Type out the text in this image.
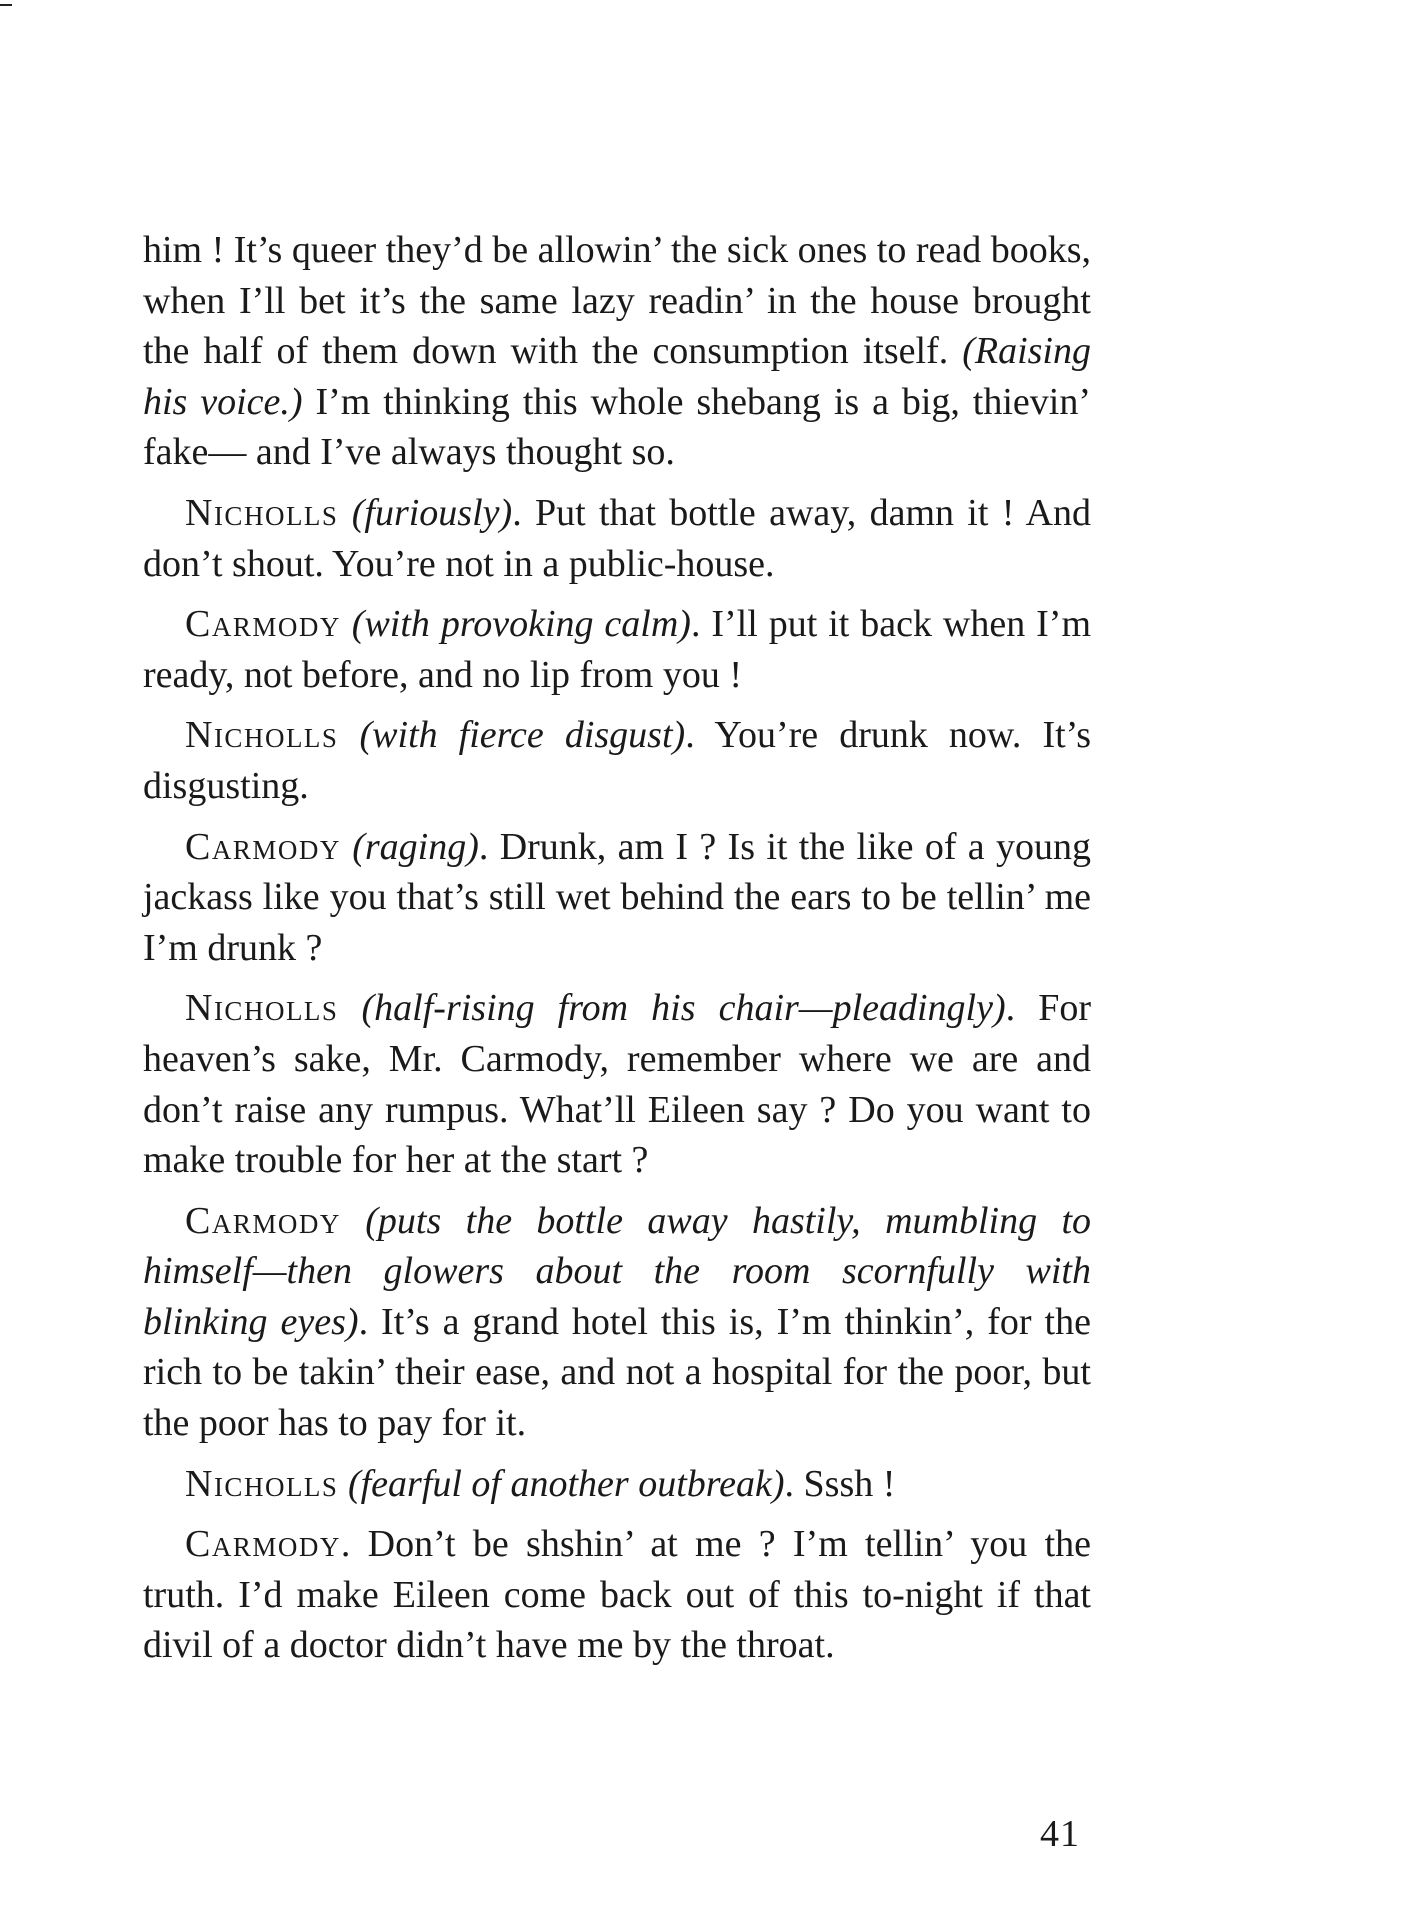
him ! It’s queer they’d be allowin’ the sick ones to read books, when I’ll bet it’s the same lazy readin’ in the house brought the half of them down with the consumption itself. (Raising his voice.) I’m thinking this whole shebang is a big, thievin’ fake— and I’ve always thought so.

Nicholls (furiously). Put that bottle away, damn it ! And don’t shout. You’re not in a public-house.

Carmody (with provoking calm). I’ll put it back when I’m ready, not before, and no lip from you !

Nicholls (with fierce disgust). You’re drunk now. It’s disgusting.

Carmody (raging). Drunk, am I ? Is it the like of a young jackass like you that’s still wet behind the ears to be tellin’ me I’m drunk ?

Nicholls (half-rising from his chair—pleadingly). For heaven’s sake, Mr. Carmody, remember where we are and don’t raise any rumpus. What’ll Eileen say ? Do you want to make trouble for her at the start ?

Carmody (puts the bottle away hastily, mumbling to himself—then glowers about the room scornfully with blinking eyes). It’s a grand hotel this is, I’m thinkin’, for the rich to be takin’ their ease, and not a hospital for the poor, but the poor has to pay for it.

Nicholls (fearful of another outbreak). Sssh !

Carmody. Don’t be shshin’ at me ? I’m tellin’ you the truth. I’d make Eileen come back out of this to-night if that divil of a doctor didn’t have me by the throat.

41
